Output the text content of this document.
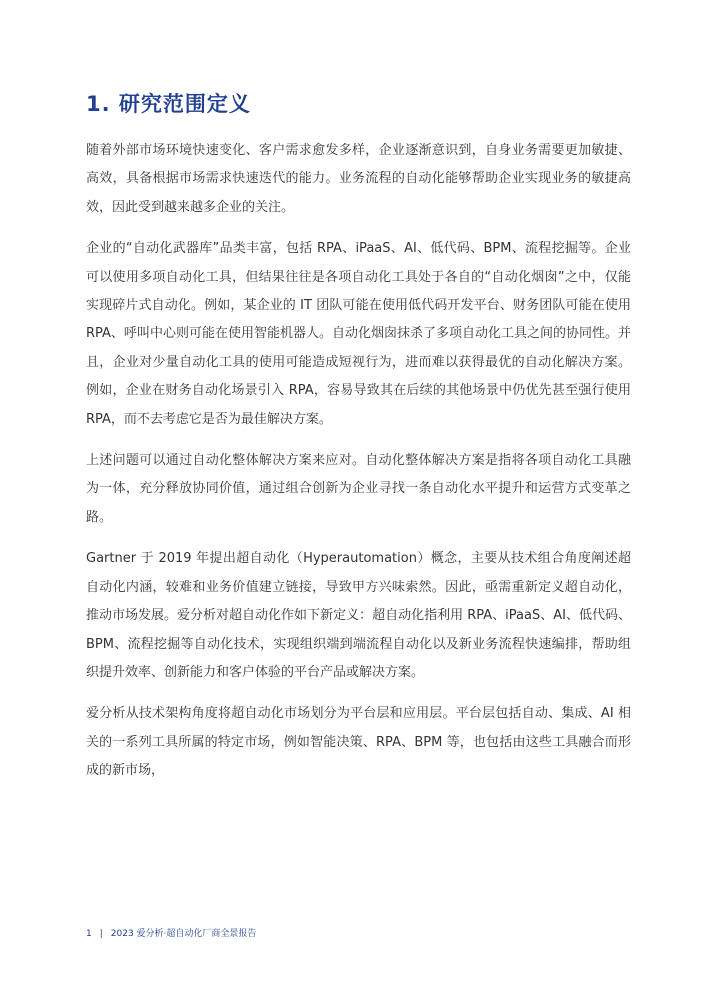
1. 研究范围定义

随着外部市场环境快速变化、客户需求愈发多样，企业逐渐意识到，自身业务需要更加敏捷、高效，具备根据市场需求快速迭代的能力。业务流程的自动化能够帮助企业实现业务的敏捷高效，因此受到越来越多企业的关注。

企业的“自动化武器库”品类丰富，包括 RPA、iPaaS、AI、低代码、BPM、流程挖掘等。企业可以使用多项自动化工具，但结果往往是各项自动化工具处于各自的“自动化烟囱”之中，仅能实现碎片式自动化。例如，某企业的 IT 团队可能在使用低代码开发平台、财务团队可能在使用 RPA、呼叫中心则可能在使用智能机器人。自动化烟囱抹杀了多项自动化工具之间的协同性。并且，企业对少量自动化工具的使用可能造成短视行为，进而难以获得最优的自动化解决方案。例如，企业在财务自动化场景引入 RPA，容易导致其在后续的其他场景中仍优先甚至强行使用 RPA，而不去考虑它是否为最佳解决方案。

上述问题可以通过自动化整体解决方案来应对。自动化整体解决方案是指将各项自动化工具融为一体，充分释放协同价值，通过组合创新为企业寻找一条自动化水平提升和运营方式变革之路。

Gartner 于 2019 年提出超自动化（Hyperautomation）概念，主要从技术组合角度阐述超自动化内涵，较难和业务价值建立链接，导致甲方兴味索然。因此，亟需重新定义超自动化，推动市场发展。爱分析对超自动化作如下新定义：超自动化指利用 RPA、iPaaS、AI、低代码、BPM、流程挖掘等自动化技术，实现组织端到端流程自动化以及新业务流程快速编排，帮助组织提升效率、创新能力和客户体验的平台产品或解决方案。

爱分析从技术架构角度将超自动化市场划分为平台层和应用层。平台层包括自动、集成、AI 相关的一系列工具所属的特定市场，例如智能决策、RPA、BPM 等，也包括由这些工具融合而形成的新市场，

1 | 2023 爱分析·超自动化厂商全景报告
